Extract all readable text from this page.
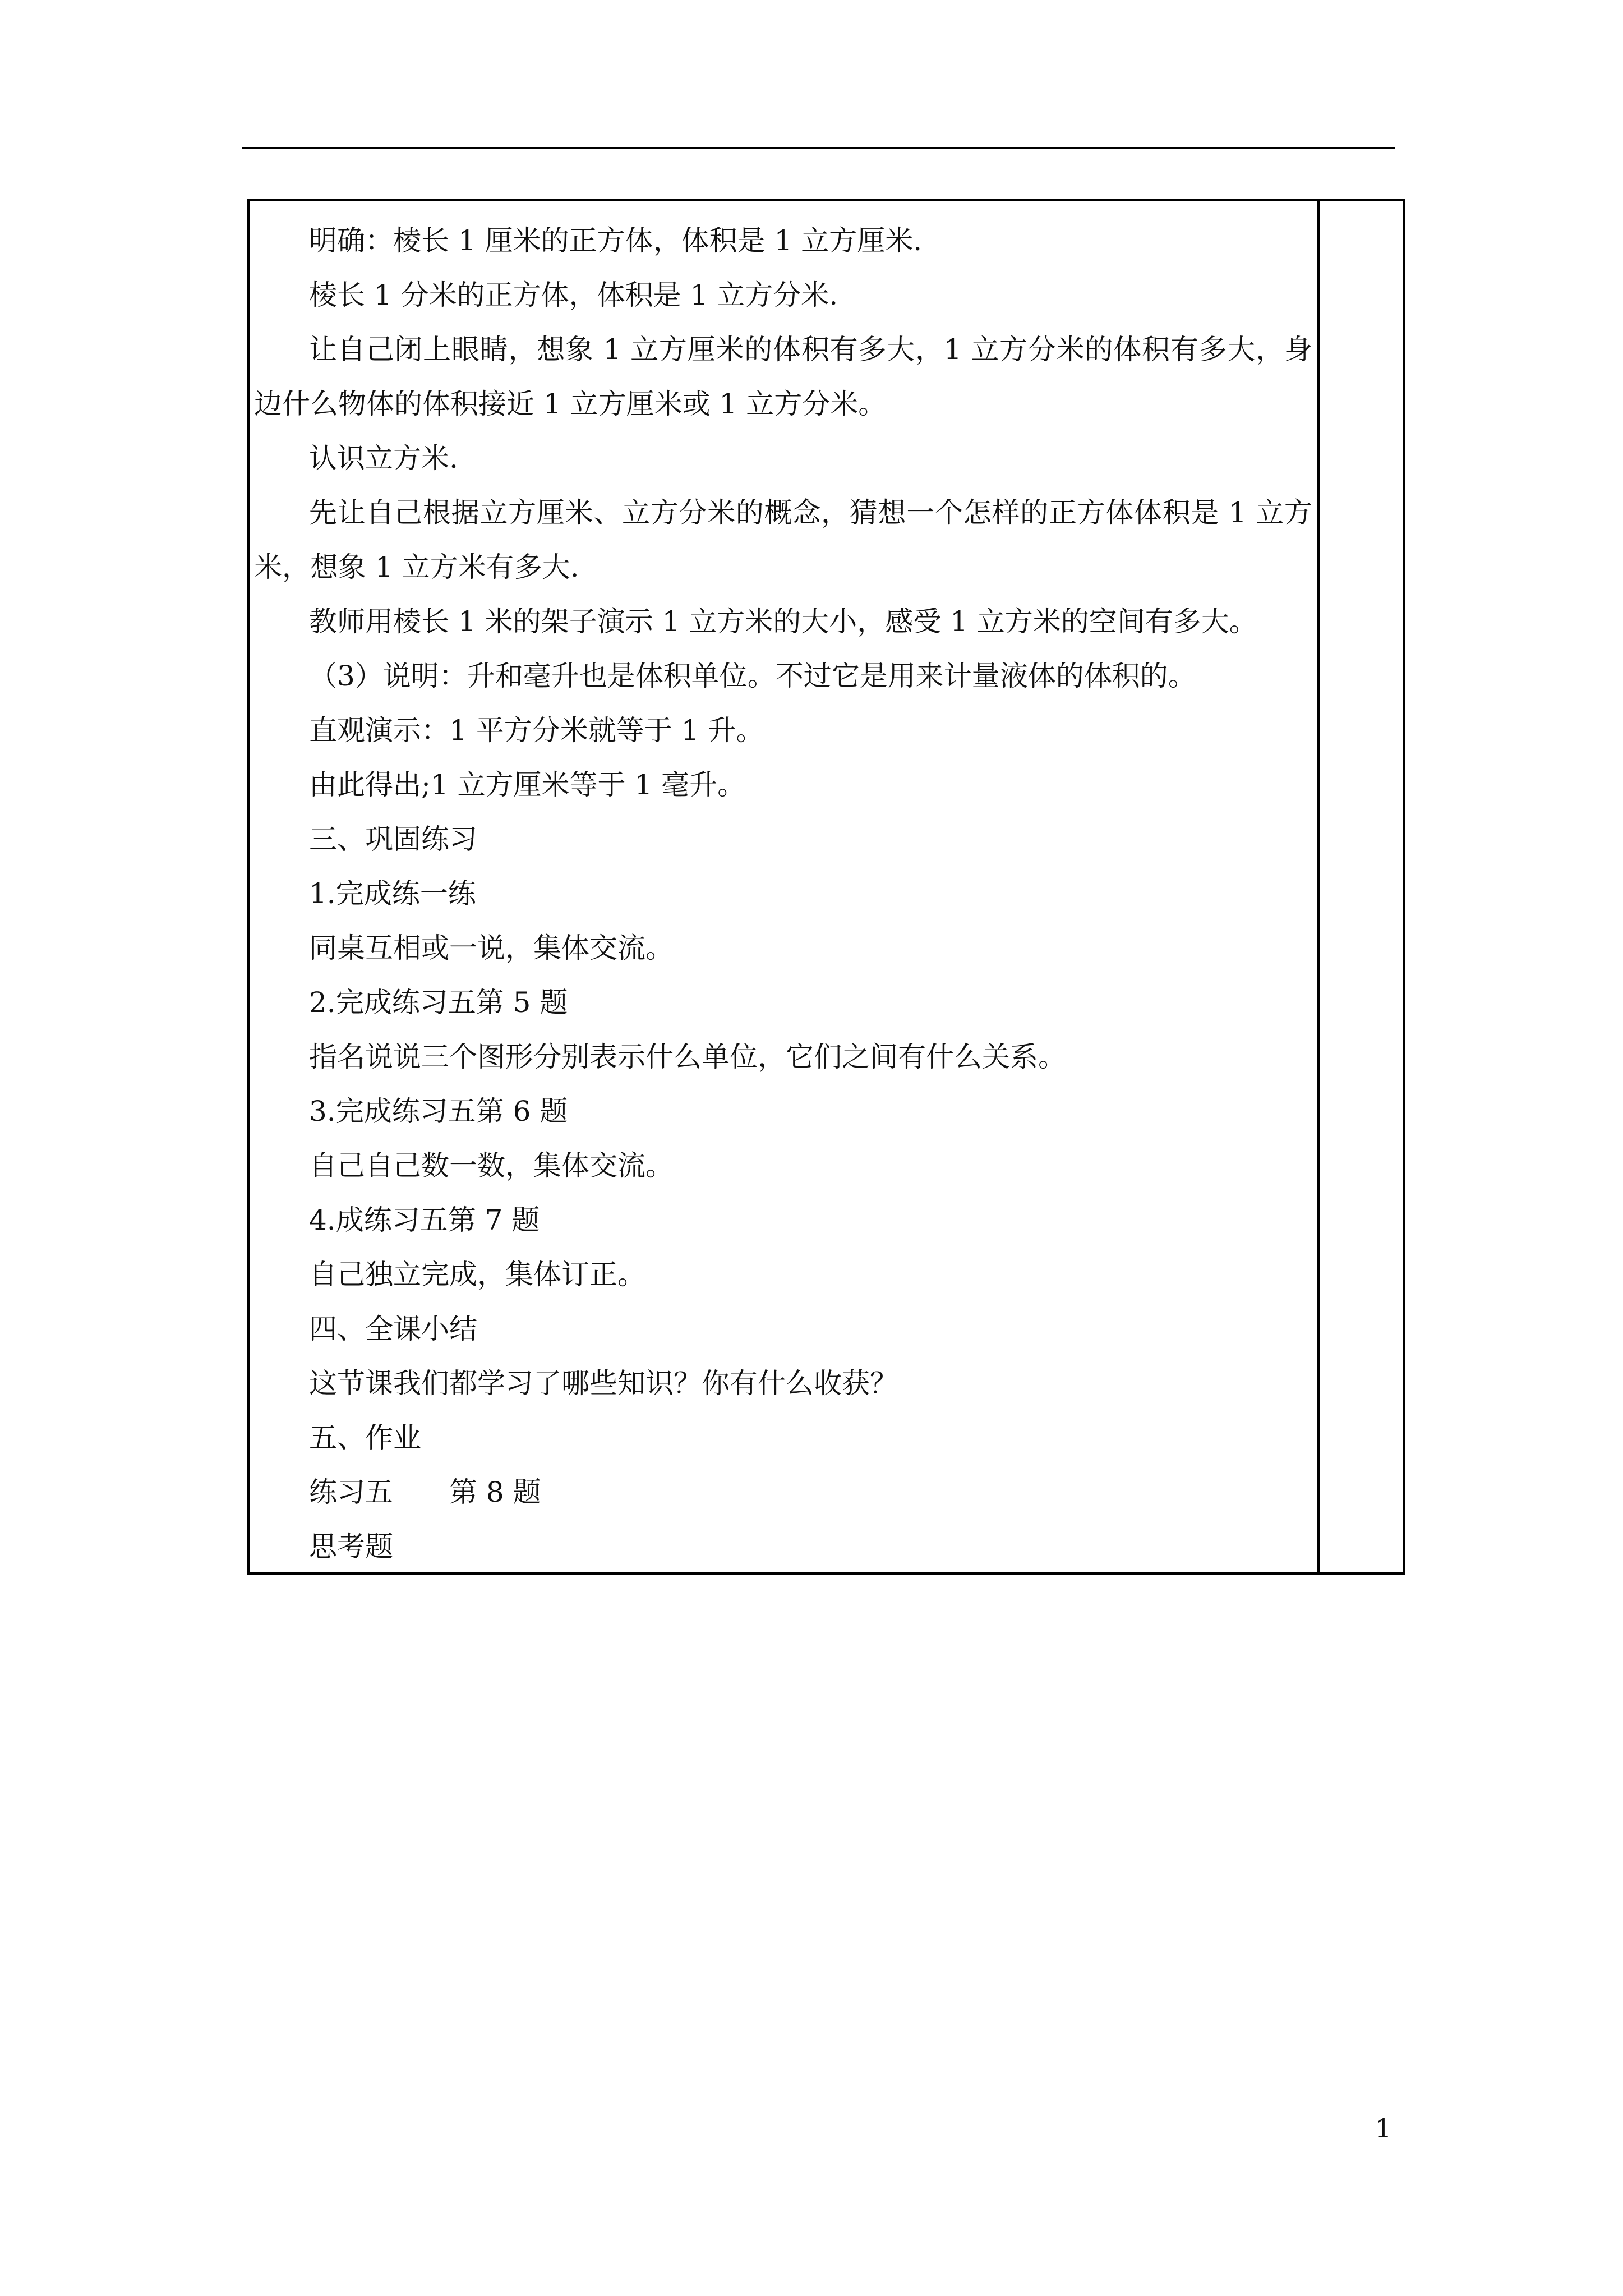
明确：棱长 1 厘米的正方体，体积是 1 立方厘米.

棱长 1 分米的正方体，体积是 1 立方分米.

让自己闭上眼睛，想象 1 立方厘米的体积有多大，1 立方分米的体积有多大，身边什么物体的体积接近 1 立方厘米或 1 立方分米。

认识立方米.

先让自己根据立方厘米、立方分米的概念，猜想一个怎样的正方体体积是 1 立方米，想象 1 立方米有多大.

教师用棱长 1 米的架子演示 1 立方米的大小，感受 1 立方米的空间有多大。

（3）说明：升和毫升也是体积单位。不过它是用来计量液体的体积的。

直观演示：1 平方分米就等于 1 升。

由此得出;1 立方厘米等于 1 毫升。

三、巩固练习

1.完成练一练

同桌互相或一说，集体交流。

2.完成练习五第 5 题

指名说说三个图形分别表示什么单位，它们之间有什么关系。

3.完成练习五第 6 题

自己自己数一数，集体交流。

4.成练习五第 7 题

自己独立完成，集体订正。

四、全课小结

这节课我们都学习了哪些知识？你有什么收获？

五、作业

练习五　　第 8 题

思考题

1
